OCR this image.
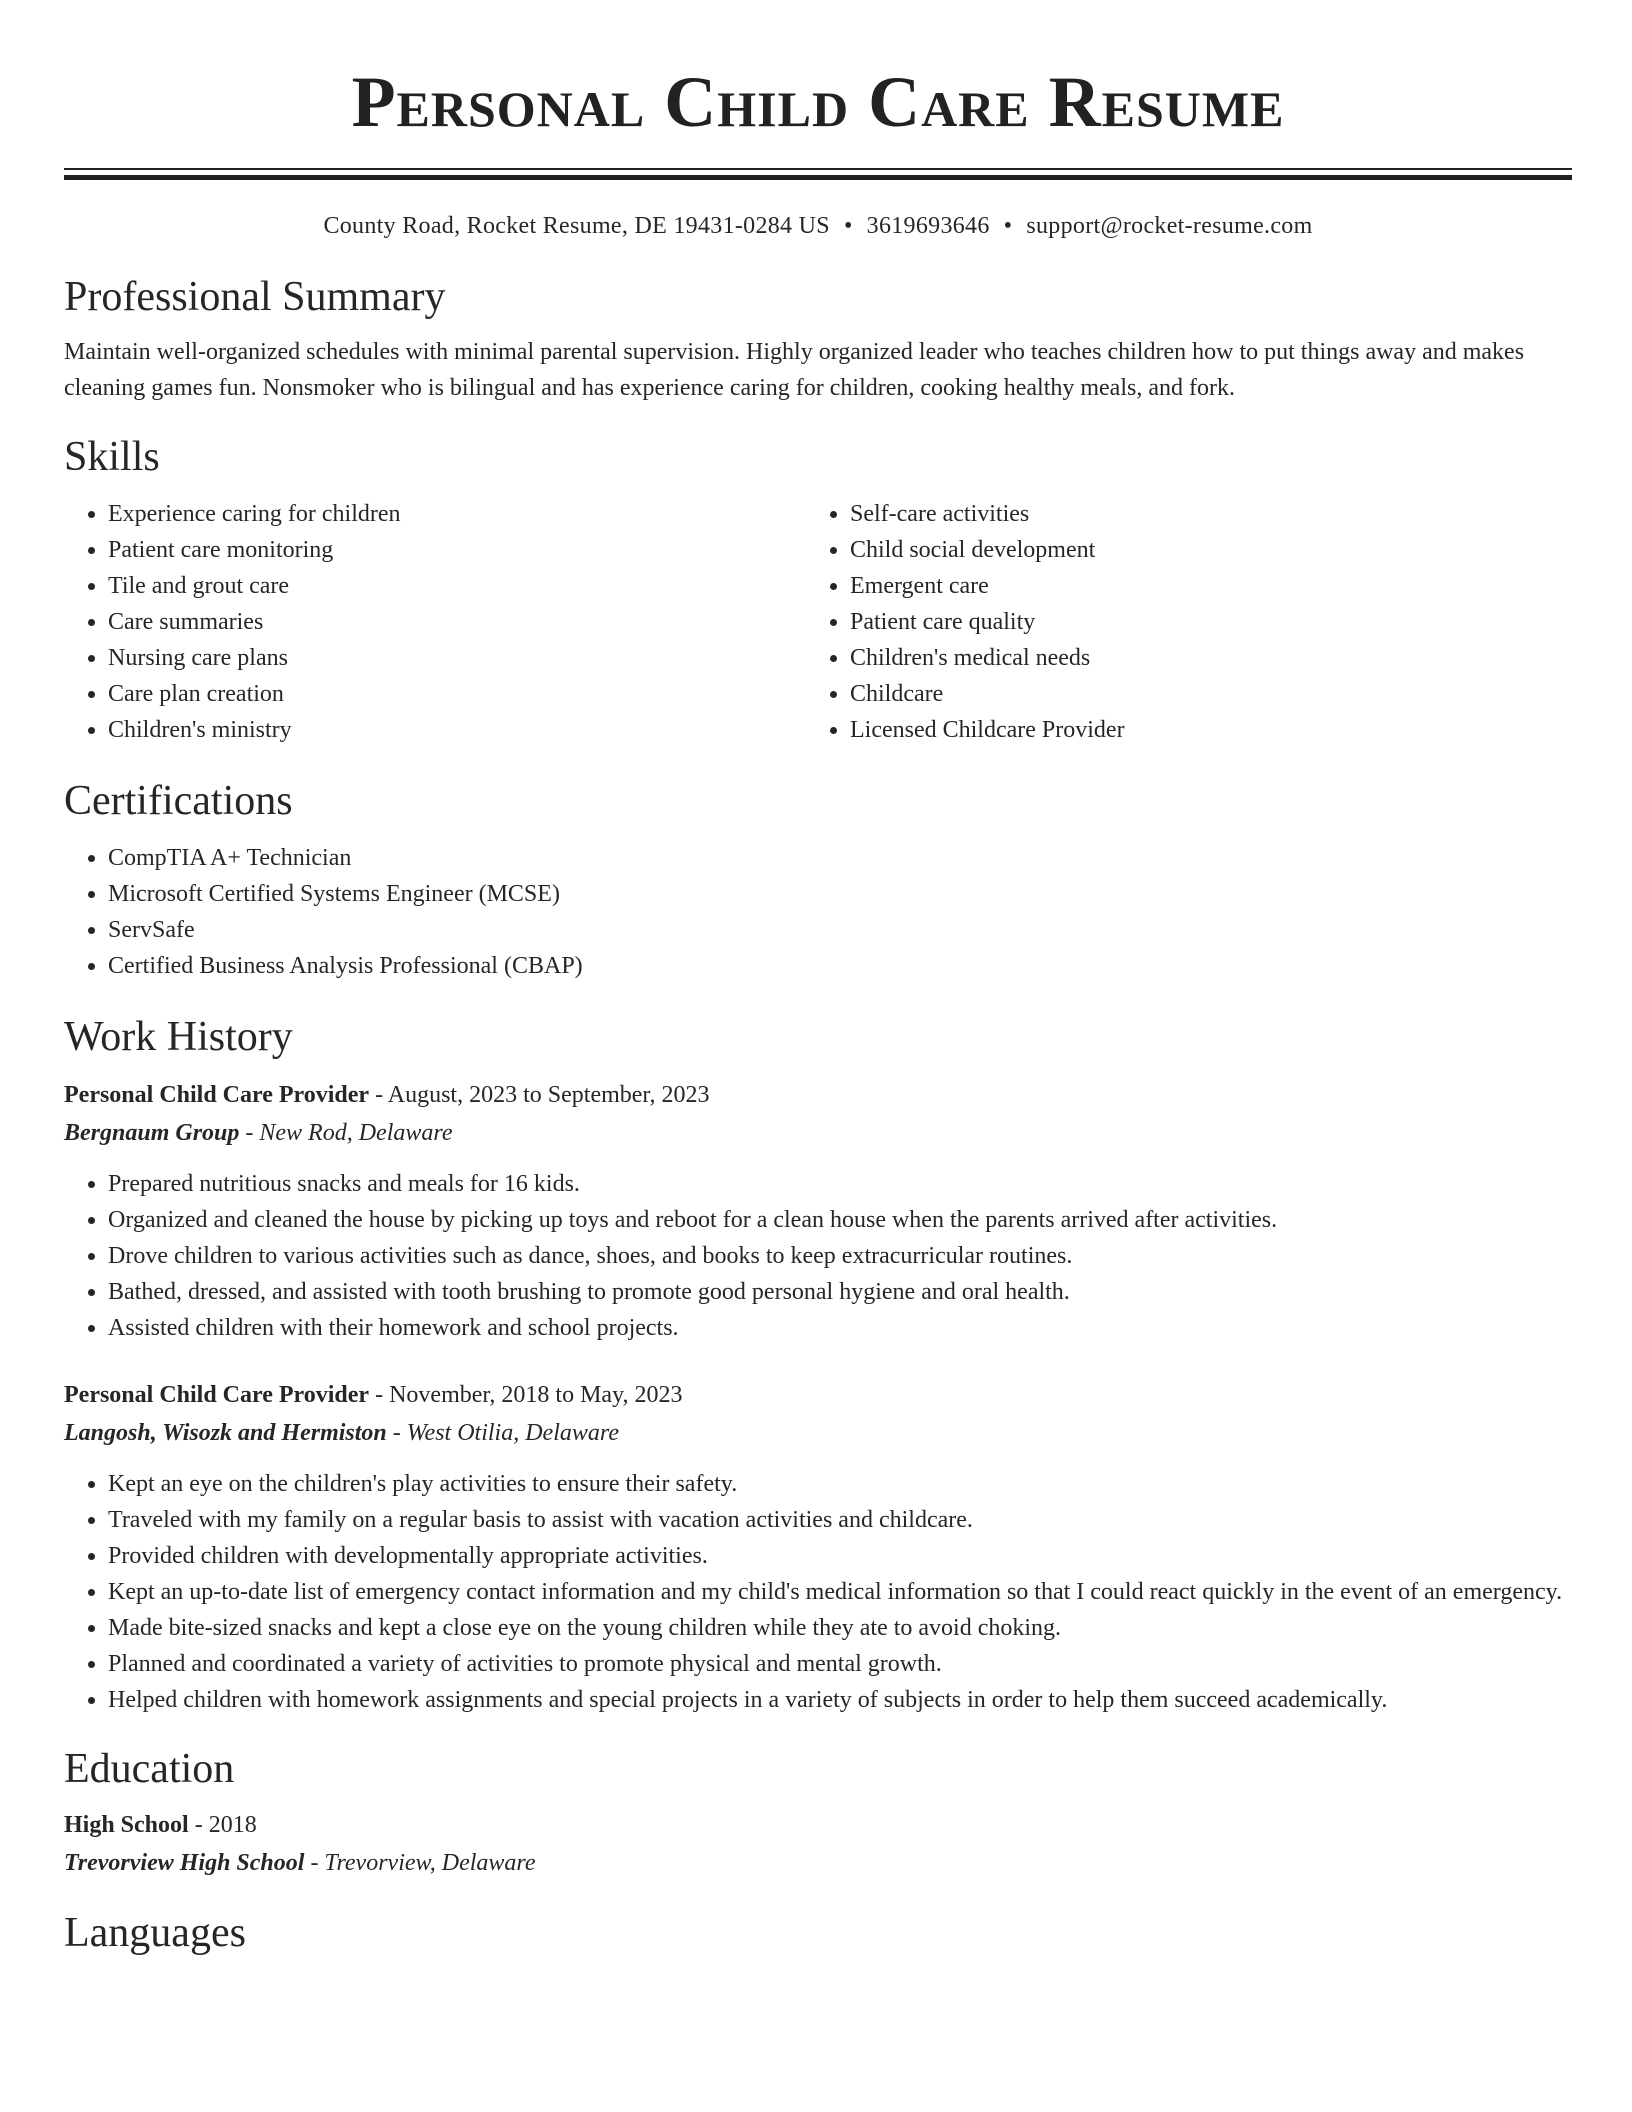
Personal Child Care Resume
County Road, Rocket Resume, DE 19431-0284 US • 3619693646 • support@rocket-resume.com
Professional Summary

Maintain well-organized schedules with minimal parental supervision. Highly organized leader who teaches children how to put things away and makes cleaning games fun. Nonsmoker who is bilingual and has experience caring for children, cooking healthy meals, and fork.

Skills
• Experience caring for children
• Patient care monitoring
• Tile and grout care
• Care summaries
• Nursing care plans
• Care plan creation
• Children's ministry
• Self-care activities
• Child social development
• Emergent care
• Patient care quality
• Children's medical needs
• Childcare
• Licensed Childcare Provider
Certifications
• CompTIA A+ Technician
• Microsoft Certified Systems Engineer (MCSE)
• ServSafe
• Certified Business Analysis Professional (CBAP)
Work History

Personal Child Care Provider - August, 2023 to September, 2023

Bergnaum Group - New Rod, Delaware

• Prepared nutritious snacks and meals for 16 kids.
• Organized and cleaned the house by picking up toys and reboot for a clean house when the parents arrived after activities.
• Drove children to various activities such as dance, shoes, and books to keep extracurricular routines.
• Bathed, dressed, and assisted with tooth brushing to promote good personal hygiene and oral health.
• Assisted children with their homework and school projects.

Personal Child Care Provider - November, 2018 to May, 2023

Langosh, Wisozk and Hermiston - West Otilia, Delaware

• Kept an eye on the children's play activities to ensure their safety.
• Traveled with my family on a regular basis to assist with vacation activities and childcare.
• Provided children with developmentally appropriate activities.
• Kept an up-to-date list of emergency contact information and my child's medical information so that I could react quickly in the event of an emergency.
• Made bite-sized snacks and kept a close eye on the young children while they ate to avoid choking.
• Planned and coordinated a variety of activities to promote physical and mental growth.
• Helped children with homework assignments and special projects in a variety of subjects in order to help them succeed academically.
Education

High School - 2018

Trevorview High School - Trevorview, Delaware

Languages
